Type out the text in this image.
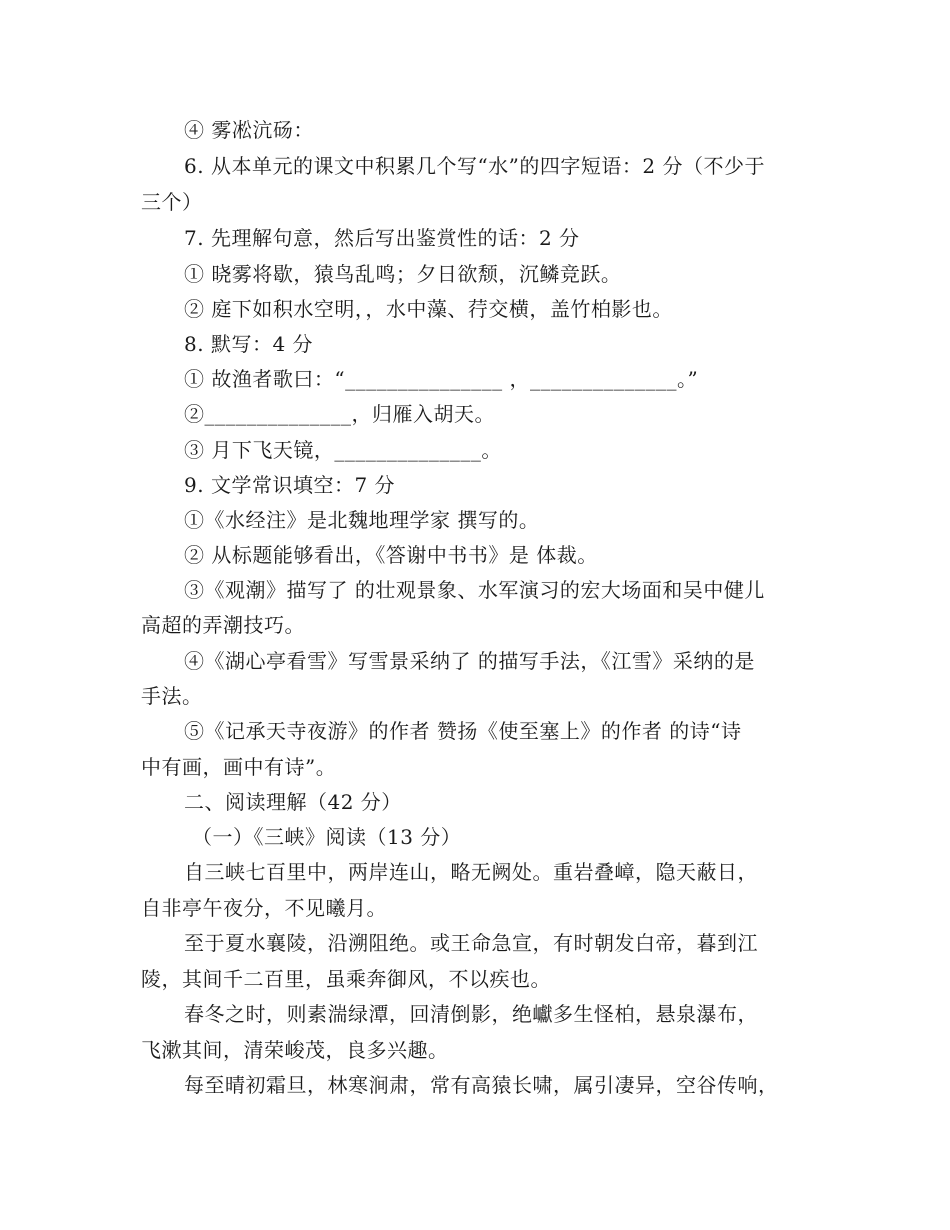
④ 雾凇沆砀：
6. 从本单元的课文中积累几个写“水”的四字短语：2 分（不少于
三个）
7. 先理解句意，然后写出鉴赏性的话：2 分
① 晓雾将歇，猿鸟乱鸣；夕日欲颓，沉鳞竞跃。
② 庭下如积水空明，，水中藻、荇交横，盖竹柏影也。
8. 默写：4 分
① 故渔者歌曰：“_______________ ，______________。”
②______________，归雁入胡天。
③ 月下飞天镜，______________。
9. 文学常识填空：7 分
①《水经注》是北魏地理学家 撰写的。
② 从标题能够看出，《答谢中书书》是 体裁。
③《观潮》描写了 的壮观景象、水军演习的宏大场面和吴中健儿
高超的弄潮技巧。
④《湖心亭看雪》写雪景采纳了 的描写手法，《江雪》采纳的是
手法。
⑤《记承天寺夜游》的作者 赞扬《使至塞上》的作者 的诗“诗
中有画，画中有诗”。
二、阅读理解（42 分）
（一）《三峡》阅读（13 分）
自三峡七百里中，两岸连山，略无阙处。重岩叠嶂，隐天蔽日，
自非亭午夜分，不见曦月。
至于夏水襄陵，沿溯阻绝。或王命急宣，有时朝发白帝，暮到江
陵，其间千二百里，虽乘奔御风，不以疾也。
春冬之时，则素湍绿潭，回清倒影，绝巘多生怪柏，悬泉瀑布，
飞漱其间，清荣峻茂，良多兴趣。
每至晴初霜旦，林寒涧肃，常有高猿长啸，属引凄异，空谷传响，
